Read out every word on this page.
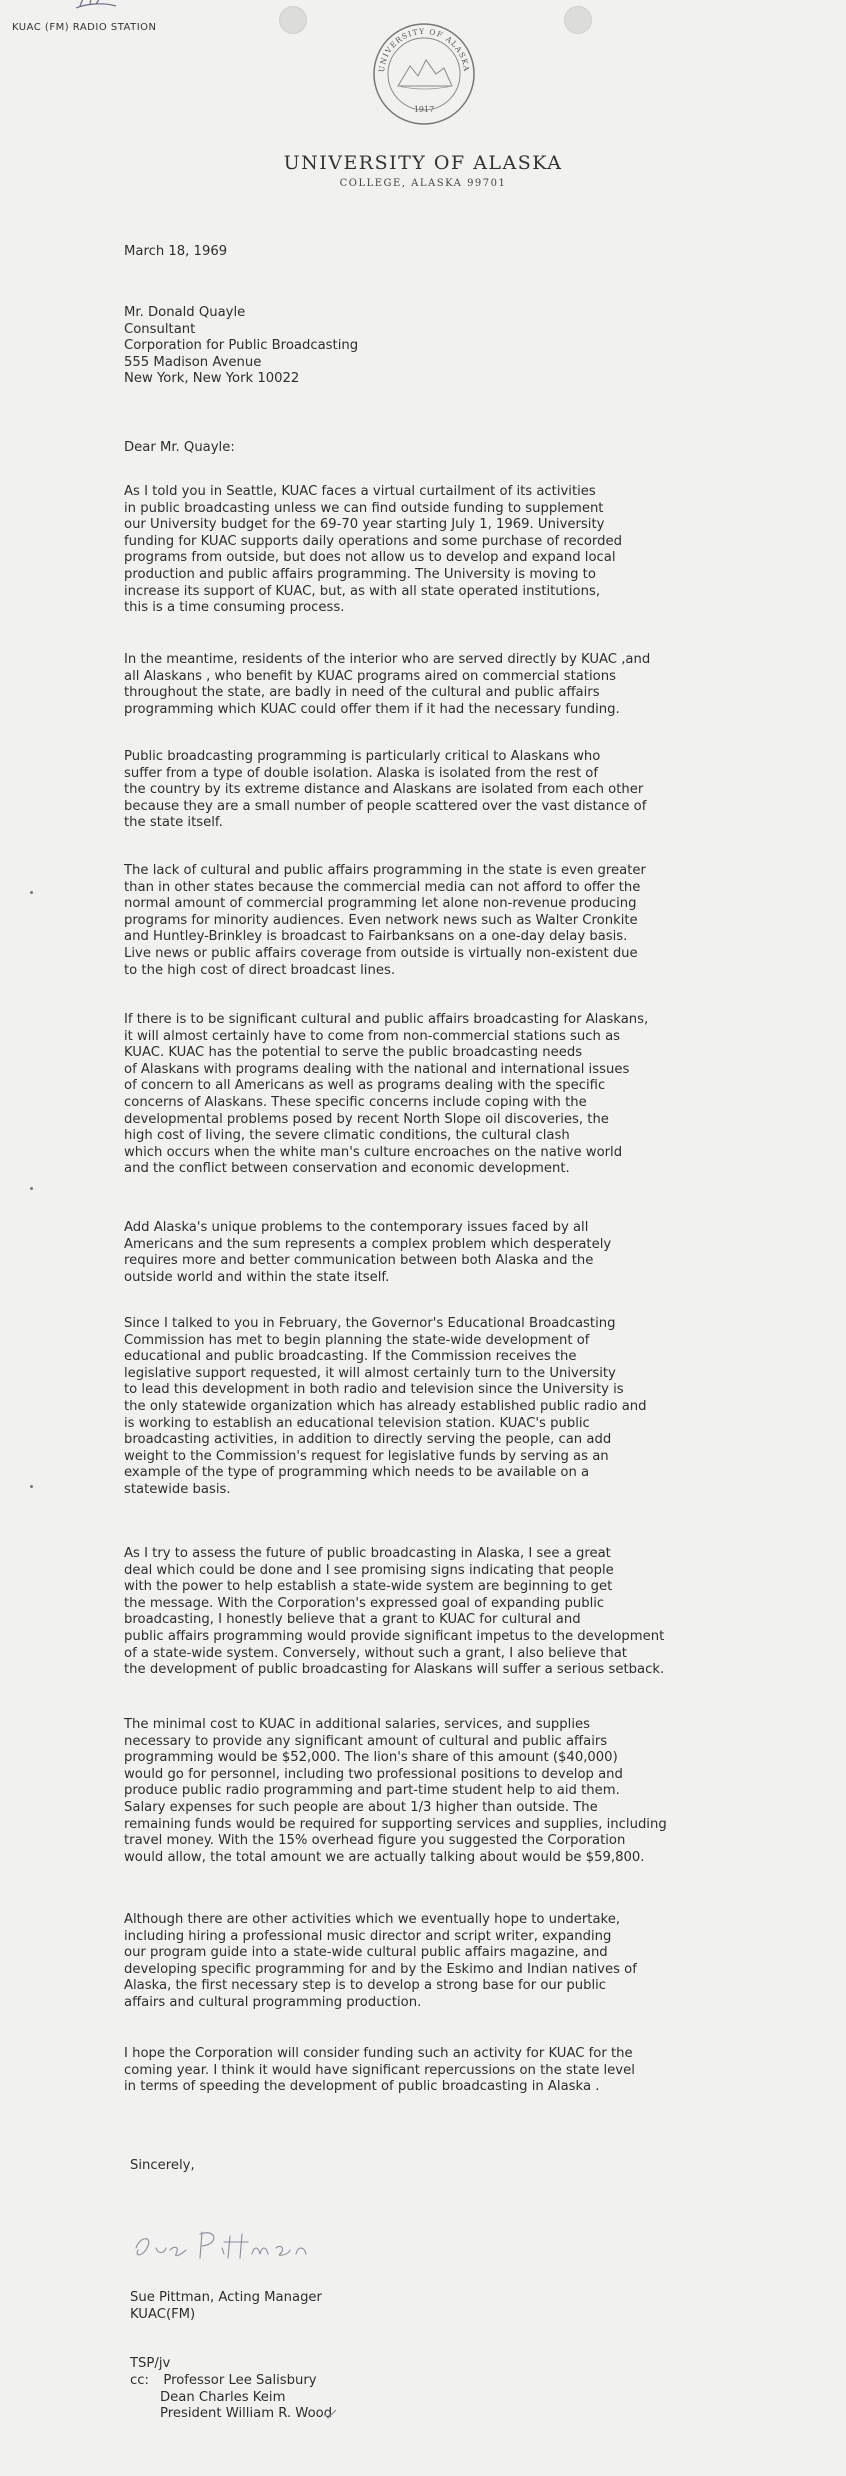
KUAC (FM) RADIO STATION
UNIVERSITY OF ALASKA
1917
UNIVERSITY OF ALASKA
COLLEGE, ALASKA 99701
March 18, 1969
Mr. Donald Quayle
Consultant
Corporation for Public Broadcasting
555 Madison Avenue
New York, New York 10022
Dear Mr. Quayle:
As I told you in Seattle, KUAC faces a virtual curtailment of its activities
in public broadcasting unless we can find outside funding to supplement
our University budget for the 69-70 year starting July 1, 1969. University
funding for KUAC supports daily operations and some purchase of recorded
programs from outside, but does not allow us to develop and expand local
production and public affairs programming. The University is moving to
increase its support of KUAC, but, as with all state operated institutions,
this is a time consuming process.
In the meantime, residents of the interior who are served directly by KUAC ,and
all Alaskans , who benefit by KUAC programs aired on commercial stations
throughout the state, are badly in need of the cultural and public affairs
programming which KUAC could offer them if it had the necessary funding.
Public broadcasting programming is particularly critical to Alaskans who
suffer from a type of double isolation. Alaska is isolated from the rest of
the country by its extreme distance and Alaskans are isolated from each other
because they are a small number of people scattered over the vast distance of
the state itself.
The lack of cultural and public affairs programming in the state is even greater
than in other states because the commercial media can not afford to offer the
normal amount of commercial programming let alone non-revenue producing
programs for minority audiences. Even network news such as Walter Cronkite
and Huntley-Brinkley is broadcast to Fairbanksans on a one-day delay basis.
Live news or public affairs coverage from outside is virtually non-existent due
to the high cost of direct broadcast lines.
If there is to be significant cultural and public affairs broadcasting for Alaskans,
it will almost certainly have to come from non-commercial stations such as
KUAC. KUAC has the potential to serve the public broadcasting needs
of Alaskans with programs dealing with the national and international issues
of concern to all Americans as well as programs dealing with the specific
concerns of Alaskans. These specific concerns include coping with the
developmental problems posed by recent North Slope oil discoveries, the
high cost of living, the severe climatic conditions, the cultural clash
which occurs when the white man's culture encroaches on the native world
and the conflict between conservation and economic development.
Add Alaska's unique problems to the contemporary issues faced by all
Americans and the sum represents a complex problem which desperately
requires more and better communication between both Alaska and the
outside world and within the state itself.
Since I talked to you in February, the Governor's Educational Broadcasting
Commission has met to begin planning the state-wide development of
educational and public broadcasting. If the Commission receives the
legislative support requested, it will almost certainly turn to the University
to lead this development in both radio and television since the University is
the only statewide organization which has already established public radio and
is working to establish an educational television station. KUAC's public
broadcasting activities, in addition to directly serving the people, can add
weight to the Commission's request for legislative funds by serving as an
example of the type of programming which needs to be available on a
statewide basis.
As I try to assess the future of public broadcasting in Alaska, I see a great
deal which could be done and I see promising signs indicating that people
with the power to help establish a state-wide system are beginning to get
the message. With the Corporation's expressed goal of expanding public
broadcasting, I honestly believe that a grant to KUAC for cultural and
public affairs programming would provide significant impetus to the development
of a state-wide system. Conversely, without such a grant, I also believe that
the development of public broadcasting for Alaskans will suffer a serious setback.
The minimal cost to KUAC in additional salaries, services, and supplies
necessary to provide any significant amount of cultural and public affairs
programming would be $52,000. The lion's share of this amount ($40,000)
would go for personnel, including two professional positions to develop and
produce public radio programming and part-time student help to aid them.
Salary expenses for such people are about 1/3 higher than outside. The
remaining funds would be required for supporting services and supplies, including
travel money. With the 15% overhead figure you suggested the Corporation
would allow, the total amount we are actually talking about would be $59,800.
Although there are other activities which we eventually hope to undertake,
including hiring a professional music director and script writer, expanding
our program guide into a state-wide cultural public affairs magazine, and
developing specific programming for and by the Eskimo and Indian natives of
Alaska, the first necessary step is to develop a strong base for our public
affairs and cultural programming production.
I hope the Corporation will consider funding such an activity for KUAC for the
coming year. I think it would have significant repercussions on the state level
in terms of speeding the development of public broadcasting in Alaska .
Sincerely,
Sue Pittman, Acting Manager
KUAC(FM)
TSP/jv
cc: Professor Lee Salisbury
Dean Charles Keim
President William R. Wood
